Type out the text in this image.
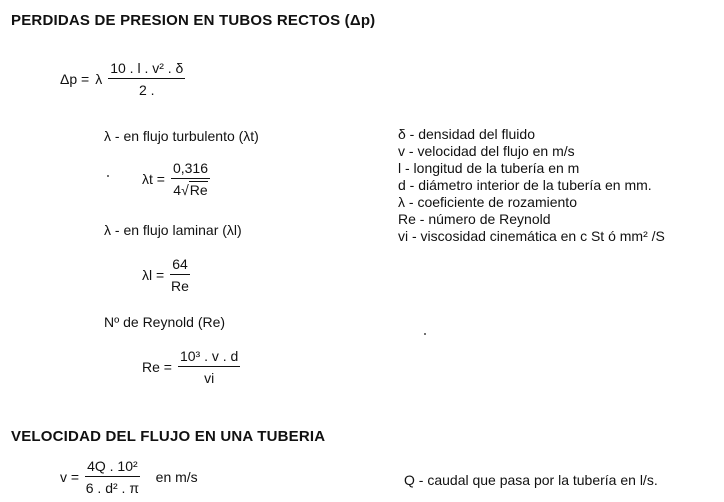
PERDIDAS DE PRESION EN TUBOS RECTOS (Δp)
Δp = λ $\frac{\text{10 . l . v² . δ}}{2 .}$
λ - en flujo turbulento (λt)
$\lambda t = \frac{0,316}{4√Re}$
λ - en flujo laminar (λl)
$\lambda l = \frac{64}{Re}$
Nº de Reynold (Re)
$Re = \frac{\text{10³ . v . d}}{vi}$
δ - densidad del fluido
v - velocidad del flujo en m/s
l - longitud de la tubería en m
d - diámetro interior de la tubería en mm.
λ - coeficiente de rozamiento
Re - número de Reynold
vi - viscosidad cinemática en c St ó mm² /S
VELOCIDAD DEL FLUJO EN UNA TUBERIA
$v = \frac{\text{4Q . 10²}}{\text{6 . d² . π}}$ en m/s	Q - caudal que pasa por la tubería en l/s.
